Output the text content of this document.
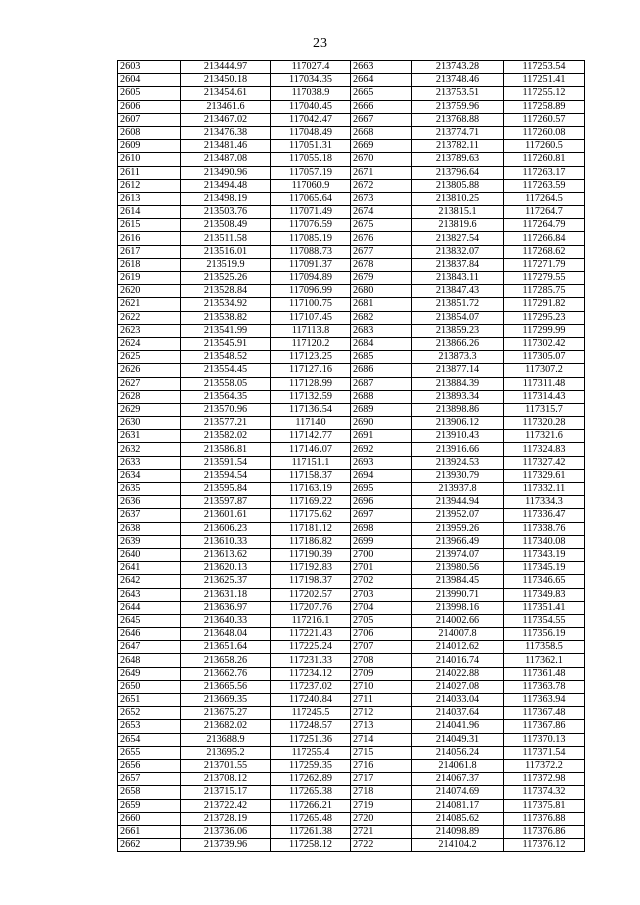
23
2603	213444.97	117027.4	2663	213743.28	117253.54
2604	213450.18	117034.35	2664	213748.46	117251.41
2605	213454.61	117038.9	2665	213753.51	117255.12
2606	213461.6	117040.45	2666	213759.96	117258.89
2607	213467.02	117042.47	2667	213768.88	117260.57
2608	213476.38	117048.49	2668	213774.71	117260.08
2609	213481.46	117051.31	2669	213782.11	117260.5
2610	213487.08	117055.18	2670	213789.63	117260.81
2611	213490.96	117057.19	2671	213796.64	117263.17
2612	213494.48	117060.9	2672	213805.88	117263.59
2613	213498.19	117065.64	2673	213810.25	117264.5
2614	213503.76	117071.49	2674	213815.1	117264.7
2615	213508.49	117076.59	2675	213819.6	117264.79
2616	213511.58	117085.19	2676	213827.54	117266.84
2617	213516.01	117088.73	2677	213832.07	117268.62
2618	213519.9	117091.37	2678	213837.84	117271.79
2619	213525.26	117094.89	2679	213843.11	117279.55
2620	213528.84	117096.99	2680	213847.43	117285.75
2621	213534.92	117100.75	2681	213851.72	117291.82
2622	213538.82	117107.45	2682	213854.07	117295.23
2623	213541.99	117113.8	2683	213859.23	117299.99
2624	213545.91	117120.2	2684	213866.26	117302.42
2625	213548.52	117123.25	2685	213873.3	117305.07
2626	213554.45	117127.16	2686	213877.14	117307.2
2627	213558.05	117128.99	2687	213884.39	117311.48
2628	213564.35	117132.59	2688	213893.34	117314.43
2629	213570.96	117136.54	2689	213898.86	117315.7
2630	213577.21	117140	2690	213906.12	117320.28
2631	213582.02	117142.77	2691	213910.43	117321.6
2632	213586.81	117146.07	2692	213916.66	117324.83
2633	213591.54	117151.1	2693	213924.53	117327.42
2634	213594.54	117158.37	2694	213930.79	117329.61
2635	213595.84	117163.19	2695	213937.8	117332.11
2636	213597.87	117169.22	2696	213944.94	117334.3
2637	213601.61	117175.62	2697	213952.07	117336.47
2638	213606.23	117181.12	2698	213959.26	117338.76
2639	213610.33	117186.82	2699	213966.49	117340.08
2640	213613.62	117190.39	2700	213974.07	117343.19
2641	213620.13	117192.83	2701	213980.56	117345.19
2642	213625.37	117198.37	2702	213984.45	117346.65
2643	213631.18	117202.57	2703	213990.71	117349.83
2644	213636.97	117207.76	2704	213998.16	117351.41
2645	213640.33	117216.1	2705	214002.66	117354.55
2646	213648.04	117221.43	2706	214007.8	117356.19
2647	213651.64	117225.24	2707	214012.62	117358.5
2648	213658.26	117231.33	2708	214016.74	117362.1
2649	213662.76	117234.12	2709	214022.88	117361.48
2650	213665.56	117237.02	2710	214027.08	117363.78
2651	213669.35	117240.84	2711	214033.04	117363.94
2652	213675.27	117245.5	2712	214037.64	117367.48
2653	213682.02	117248.57	2713	214041.96	117367.86
2654	213688.9	117251.36	2714	214049.31	117370.13
2655	213695.2	117255.4	2715	214056.24	117371.54
2656	213701.55	117259.35	2716	214061.8	117372.2
2657	213708.12	117262.89	2717	214067.37	117372.98
2658	213715.17	117265.38	2718	214074.69	117374.32
2659	213722.42	117266.21	2719	214081.17	117375.81
2660	213728.19	117265.48	2720	214085.62	117376.88
2661	213736.06	117261.38	2721	214098.89	117376.86
2662	213739.96	117258.12	2722	214104.2	117376.12
